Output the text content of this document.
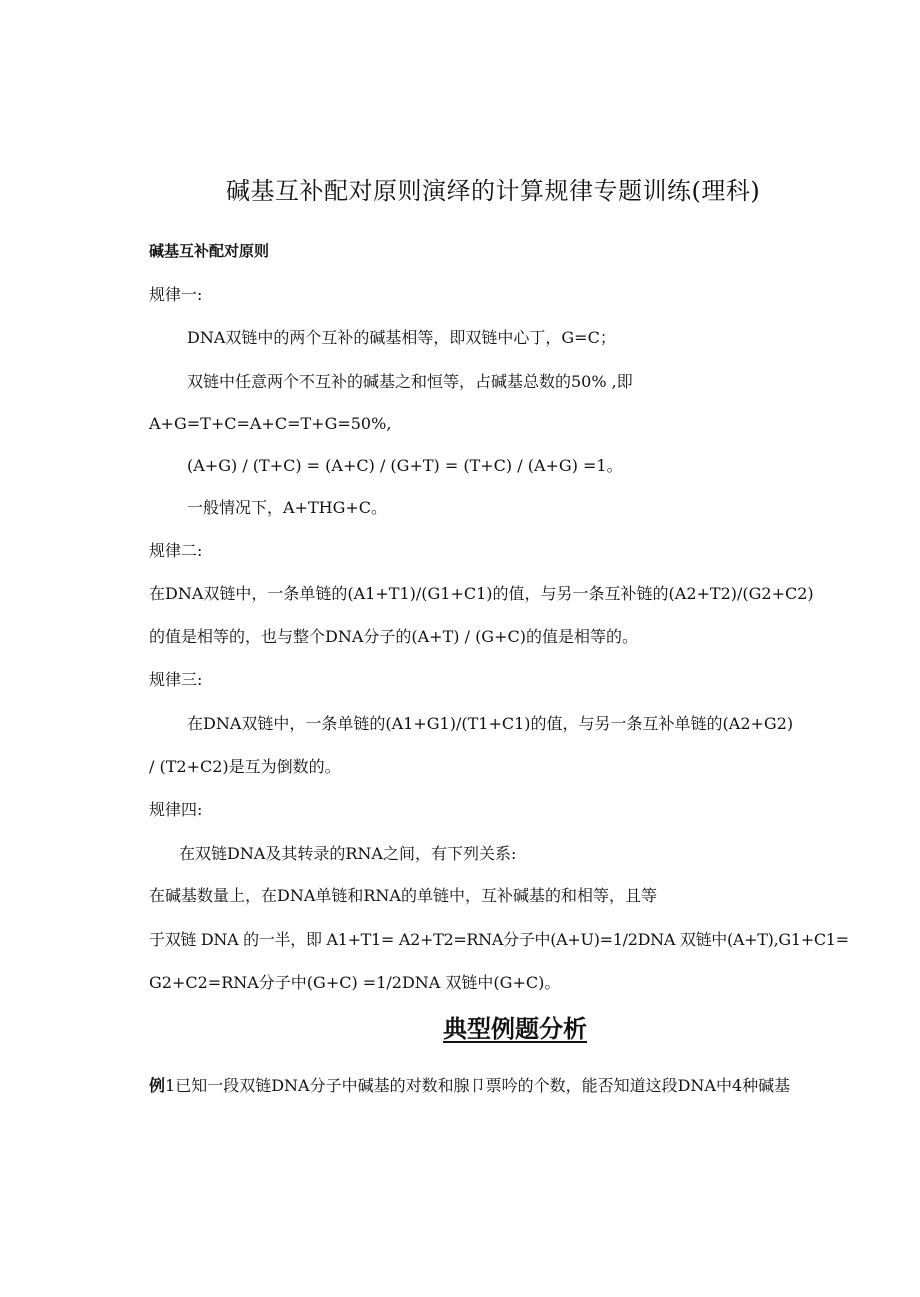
碱基互补配对原则演绎的计算规律专题训练(理科)
碱基互补配对原则
规律一:
DNA双链中的两个互补的碱基相等，即双链中心丁，G=C；
双链中任意两个不互补的碱基之和恒等，占碱基总数的50% ,即
A+G=T+C=A+C=T+G=50%,
(A+G) / (T+C) = (A+C) / (G+T) = (T+C) / (A+G) =1。
一般情况下，A+THG+C。
规律二:
在DNA双链中，一条单链的(A1+T1)/(G1+C1)的值，与另一条互补链的(A2+T2)/(G2+C2)
的值是相等的，也与整个DNA分子的(A+T) / (G+C)的值是相等的。
规律三:
在DNA双链中，一条单链的(A1+G1)/(T1+C1)的值，与另一条互补单链的(A2+G2)
/ (T2+C2)是互为倒数的。
规律四:
在双链DNA及其转录的RNA之间，有下列关系:
在碱基数量上，在DNA单链和RNA的单链中，互补碱基的和相等，且等
于双链 DNA 的一半，即 A1+T1= A2+T2=RNA分子中(A+U)=1/2DNA 双链中(A+T),G1+C1=
G2+C2=RNA分子中(G+C) =1/2DNA 双链中(G+C)。
典型例题分析
例1已知一段双链DNA分子中碱基的对数和腺卩票吟的个数，能否知道这段DNA中4种碱基
